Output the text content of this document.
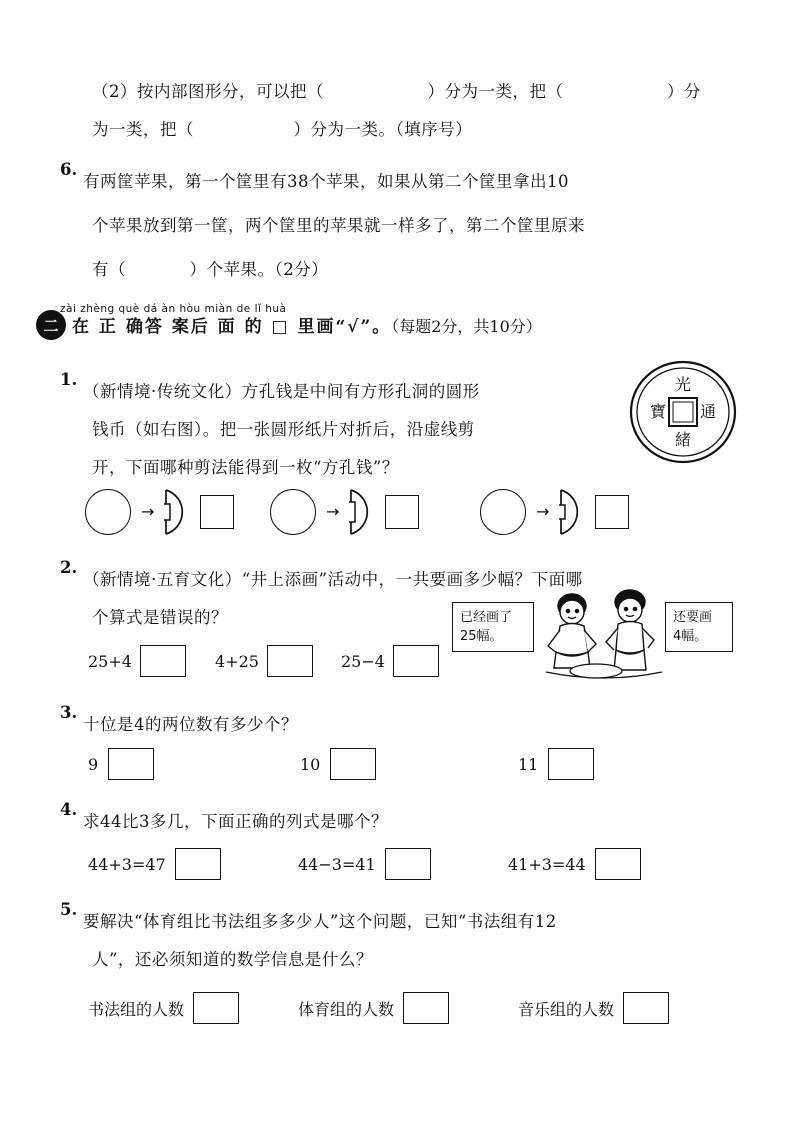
（2）按内部图形分，可以把（	）分为一类，把（	）分
为一类，把（	）分为一类。（填序号）
6.
有两筐苹果，第一个筐里有38个苹果，如果从第二个筐里拿出10
个苹果放到第一筐，两个筐里的苹果就一样多了，第二个筐里原来
有（	）个苹果。（2分）
zài zhèng què dá àn hòu miàn de lǐ huà
二 在 正 确答 案后 面 的 □ 里画“√”。（每题2分，共10分）
1.
（新情境·传统文化）方孔钱是中间有方形孔洞的圆形
钱币（如右图）。把一张圆形纸片对折后，沿虚线剪
开，下面哪种剪法能得到一枚“方孔钱”？
光
通
寶
緒
→	→	→
2.
（新情境·五育文化）“井上添画”活动中，一共要画多少幅？下面哪
个算式是错误的？
25+4	4+25	25−4
已经画了
25幅。
还要画
4幅。
3.
十位是4的两位数有多少个？
9	10	11
4.
求44比3多几，下面正确的列式是哪个？
44+3=47	44−3=41	41+3=44
5.
要解决“体育组比书法组多多少人”这个问题，已知“书法组有12
人”，还必须知道的数学信息是什么？
书法组的人数	体育组的人数	音乐组的人数
